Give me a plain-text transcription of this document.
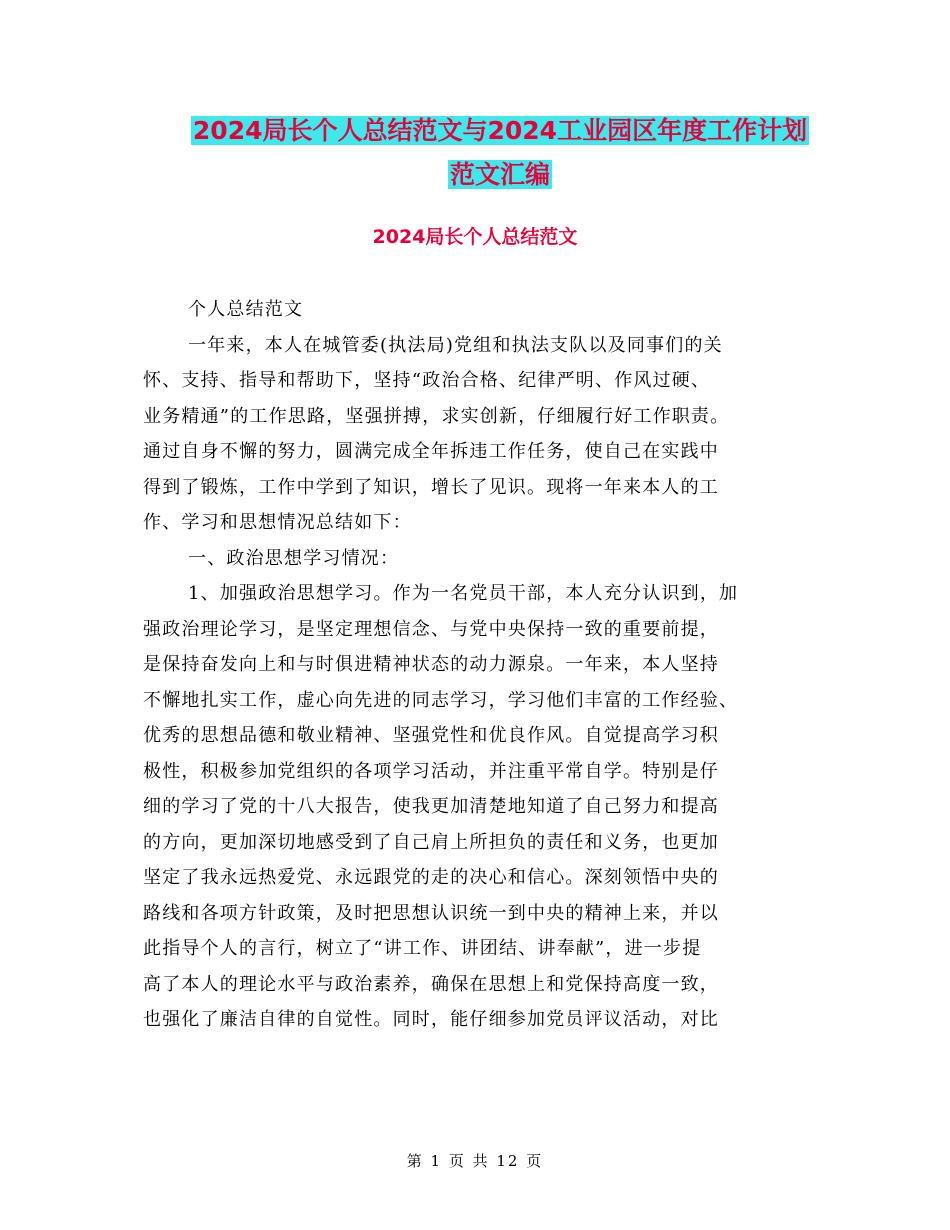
2024局长个人总结范文与2024工业园区年度工作计划
范文汇编
2024局长个人总结范文
个人总结范文
一年来，本人在城管委(执法局)党组和执法支队以及同事们的关
怀、支持、指导和帮助下，坚持“政治合格、纪律严明、作风过硬、
业务精通”的工作思路，坚强拼搏，求实创新，仔细履行好工作职责。
通过自身不懈的努力，圆满完成全年拆违工作任务，使自己在实践中
得到了锻炼，工作中学到了知识，增长了见识。现将一年来本人的工
作、学习和思想情况总结如下：
一、政治思想学习情况：
1、加强政治思想学习。作为一名党员干部，本人充分认识到，加
强政治理论学习，是坚定理想信念、与党中央保持一致的重要前提，
是保持奋发向上和与时俱进精神状态的动力源泉。一年来，本人坚持
不懈地扎实工作，虚心向先进的同志学习，学习他们丰富的工作经验、
优秀的思想品德和敬业精神、坚强党性和优良作风。自觉提高学习积
极性，积极参加党组织的各项学习活动，并注重平常自学。特别是仔
细的学习了党的十八大报告，使我更加清楚地知道了自己努力和提高
的方向，更加深切地感受到了自己肩上所担负的责任和义务，也更加
坚定了我永远热爱党、永远跟党的走的决心和信心。深刻领悟中央的
路线和各项方针政策，及时把思想认识统一到中央的精神上来，并以
此指导个人的言行，树立了“讲工作、讲团结、讲奉献”，进一步提
高了本人的理论水平与政治素养，确保在思想上和党保持高度一致，
也强化了廉洁自律的自觉性。同时，能仔细参加党员评议活动，对比
第 1 页 共 12 页
